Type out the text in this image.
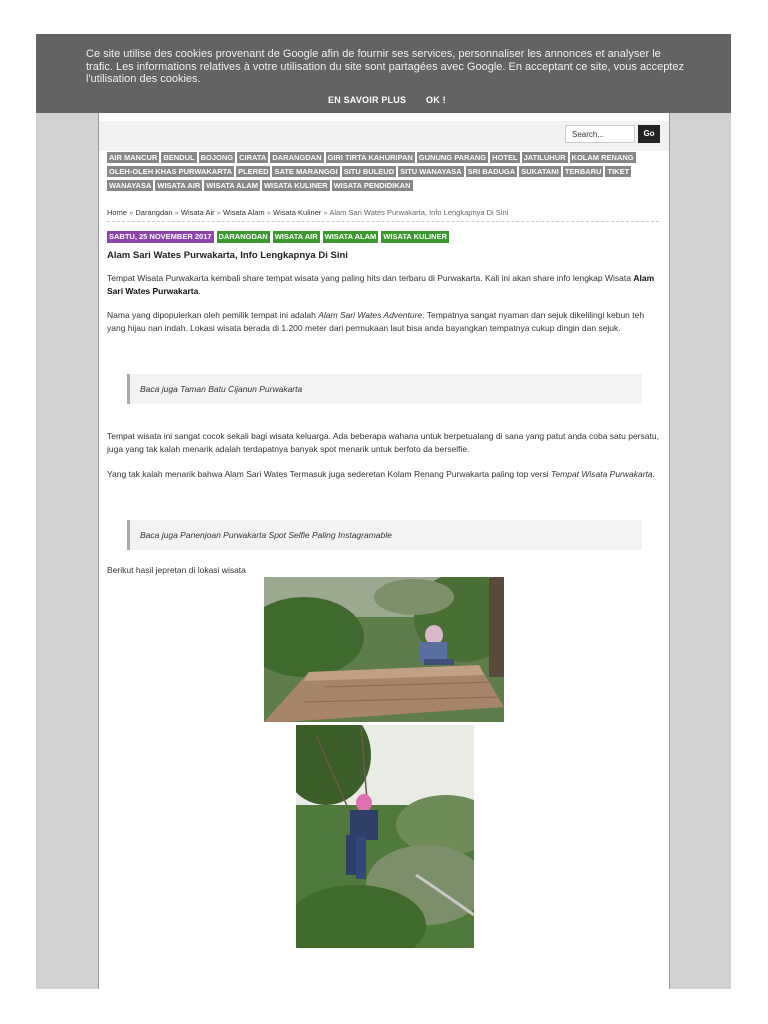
Ce site utilise des cookies provenant de Google afin de fournir ses services, personnaliser les annonces et analyser le trafic. Les informations relatives à votre utilisation du site sont partagées avec Google. En acceptant ce site, vous acceptez l'utilisation des cookies.
EN SAVOIR PLUS OK !
Search...	Go
AIR MANCUR BENDUL BOJONG CIRATA DARANGDAN GIRI TIRTA KAHURIPAN GUNUNG PARANG HOTEL JATILUHUR KOLAM RENANGOLEH-OLEH KHAS PURWAKARTA PLERED SATE MARANGGI SITU BULEUD SITU WANAYASA SRI BADUGA SUKATANI TERBARU TIKETWANAYASA WISATA AIR WISATA ALAM WISATA KULINER WISATA PENDIDIKAN
Home » Darangdan » Wisata Air » Wisata Alam » Wisata Kuliner » Alam Sari Wates Purwakarta, Info Lengkapnya Di Sini
SABTU, 25 NOVEMBER 2017 DARANGDAN WISATA AIR WISATA ALAM WISATA KULINER
Alam Sari Wates Purwakarta, Info Lengkapnya Di Sini
Tempat Wisata Purwakarta kembali share tempat wisata yang paling hits dan terbaru di Purwakarta. Kali ini akan share info lengkap Wisata Alam Sari Wates Purwakarta.
Nama yang dipopulerkan oleh pemilik tempat ini adalah Alam Sari Wates Adventure. Tempatnya sangat nyaman dan sejuk dikelilingi kebun teh yang hijau nan indah. Lokasi wisata berada di 1.200 meter dari permukaan laut bisa anda bayangkan tempatnya cukup dingin dan sejuk.
Baca juga Taman Batu Cijanun Purwakarta
Tempat wisata ini sangat cocok sekali bagi wisata keluarga. Ada beberapa wahana untuk berpetualang di sana yang patut anda coba satu persatu, juga yang tak kalah menarik adalah terdapatnya banyak spot menarik untuk berfoto da berselfie.
Yang tak kalah menarik bahwa Alam Sari Wates Termasuk juga sederetan Kolam Renang Purwakarta paling top versi Tempat Wisata Purwakarta.
Baca juga Panenjoan Purwakarta Spot Selfie Paling Instagramable
Berikut hasil jepretan di lokasi wisata
